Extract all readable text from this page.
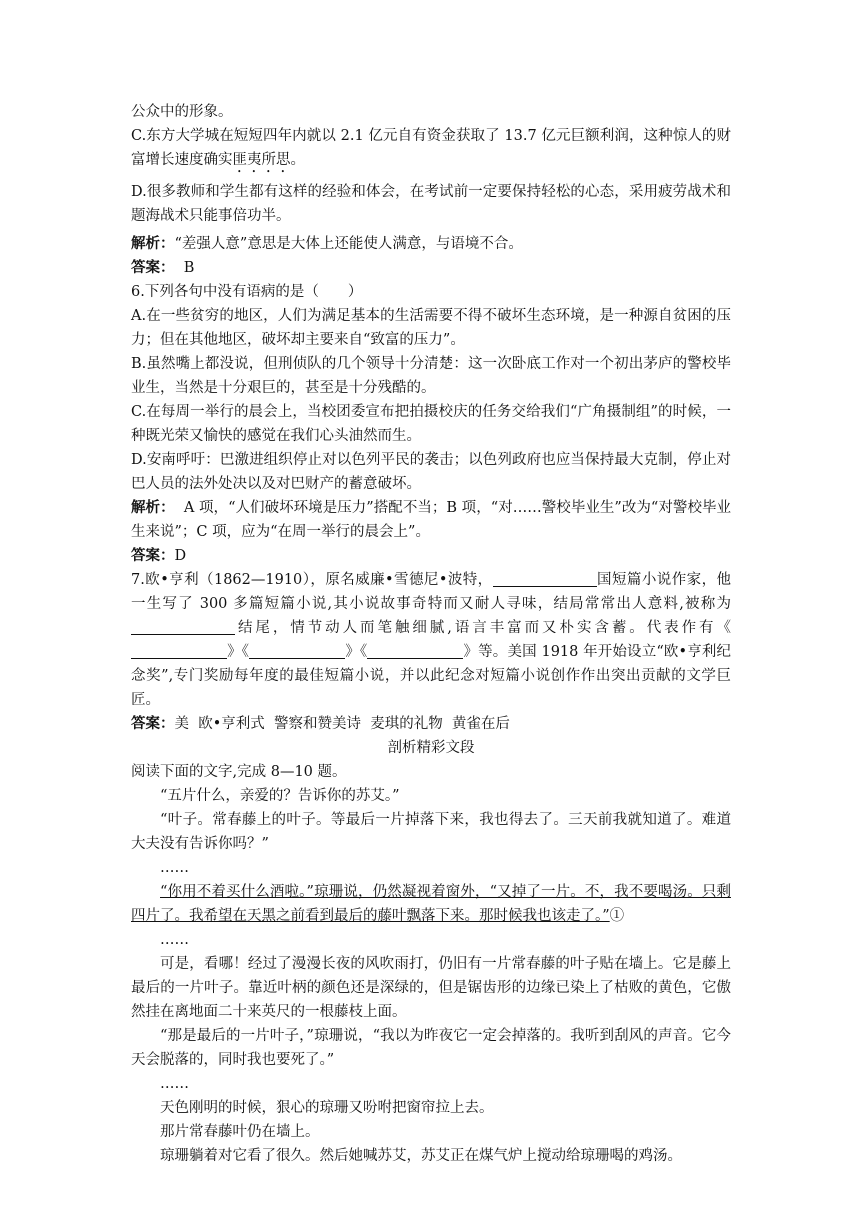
公众中的形象。

C.东方大学城在短短四年内就以 2.1 亿元自有资金获取了 13.7 亿元巨额利润，这种惊人的财富增长速度确实匪夷所思。

D.很多教师和学生都有这样的经验和体会，在考试前一定要保持轻松的心态，采用疲劳战术和题海战术只能事倍功半。

解析：“差强人意”意思是大体上还能使人满意，与语境不合。

答案：  B

6.下列各句中没有语病的是（　　）

A.在一些贫穷的地区，人们为满足基本的生活需要不得不破坏生态环境，是一种源自贫困的压力；但在其他地区，破坏却主要来自“致富的压力”。

B.虽然嘴上都没说，但刑侦队的几个领导十分清楚：这一次卧底工作对一个初出茅庐的警校毕业生，当然是十分艰巨的，甚至是十分残酷的。

C.在每周一举行的晨会上，当校团委宣布把拍摄校庆的任务交给我们“广角摄制组”的时候，一种既光荣又愉快的感觉在我们心头油然而生。

D.安南呼吁：巴激进组织停止对以色列平民的袭击；以色列政府也应当保持最大克制，停止对巴人员的法外处决以及对巴财产的蓄意破坏。

解析：  A 项，“人们破坏环境是压力”搭配不当；B 项，“对……警校毕业生”改为“对警校毕业生来说”；C 项，应为“在周一举行的晨会上”。

答案：D

7.欧•亨利（1862—1910），原名威廉•雪德尼•波特，	国短篇小说作家，他一生写了 300 多篇短篇小说,其小说故事奇特而又耐人寻味，结局常常出人意料,被称为结尾，情节动人而笔触细腻,语言丰富而又朴实含蓄。代表作有《》《	》《	》等。美国 1918 年开始设立“欧•亨利纪念奖”,专门奖励每年度的最佳短篇小说，并以此纪念对短篇小说创作作出突出贡献的文学巨匠。

答案：美  欧•亨利式  警察和赞美诗  麦琪的礼物  黄雀在后

剖析精彩文段

阅读下面的文字,完成 8—10 题。

“五片什么，亲爱的？告诉你的苏艾。”

“叶子。常春藤上的叶子。等最后一片掉落下来，我也得去了。三天前我就知道了。难道大夫没有告诉你吗？”

……

“你用不着买什么酒啦。”琼珊说，仍然凝视着窗外，“又掉了一片。不，我不要喝汤。只剩四片了。我希望在天黑之前看到最后的藤叶飘落下来。那时候我也该走了。”①

……

可是，看哪！经过了漫漫长夜的风吹雨打，仍旧有一片常春藤的叶子贴在墙上。它是藤上最后的一片叶子。靠近叶柄的颜色还是深绿的，但是锯齿形的边缘已染上了枯败的黄色，它傲然挂在离地面二十来英尺的一根藤枝上面。

“那是最后的一片叶子，”琼珊说，“我以为昨夜它一定会掉落的。我听到刮风的声音。它今天会脱落的，同时我也要死了。”

……

天色刚明的时候，狠心的琼珊又吩咐把窗帘拉上去。

那片常春藤叶仍在墙上。

琼珊躺着对它看了很久。然后她喊苏艾，苏艾正在煤气炉上搅动给琼珊喝的鸡汤。
